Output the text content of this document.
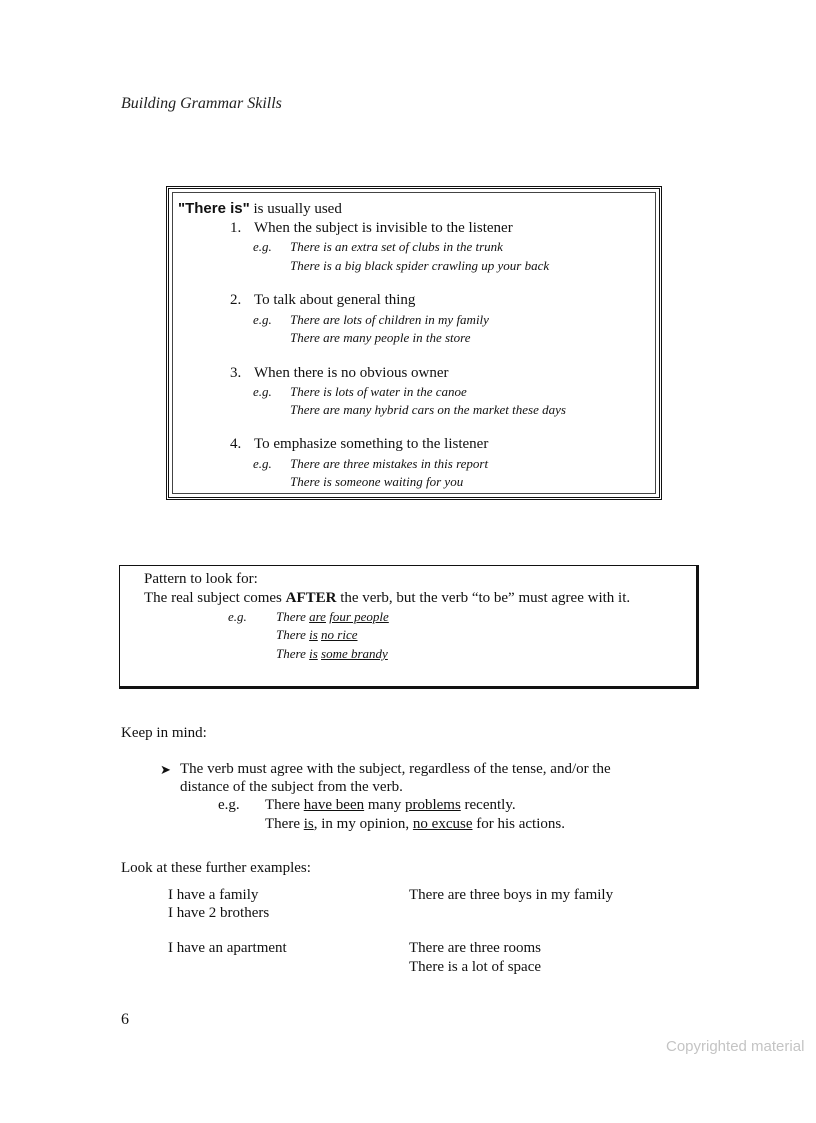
Building Grammar Skills
"There is" is usually used
1. When the subject is invisible to the listener
e.g. There is an extra set of clubs in the trunk
There is a big black spider crawling up your back
2. To talk about general thing
e.g. There are lots of children in my family
There are many people in the store
3. When there is no obvious owner
e.g. There is lots of water in the canoe
There are many hybrid cars on the market these days
4. To emphasize something to the listener
e.g. There are three mistakes in this report
There is someone waiting for you
Pattern to look for:
The real subject comes AFTER the verb, but the verb “to be” must agree with it.
e.g. There are four people
There is no rice
There is some brandy
Keep in mind:
➤ The verb must agree with the subject, regardless of the tense, and/or the
distance of the subject from the verb.
e.g. There have been many problems recently.
There is, in my opinion, no excuse for his actions.
Look at these further examples:
I have a family
I have 2 brothers
I have an apartment
There are three boys in my family
There are three rooms
There is a lot of space
6
Copyrighted material
